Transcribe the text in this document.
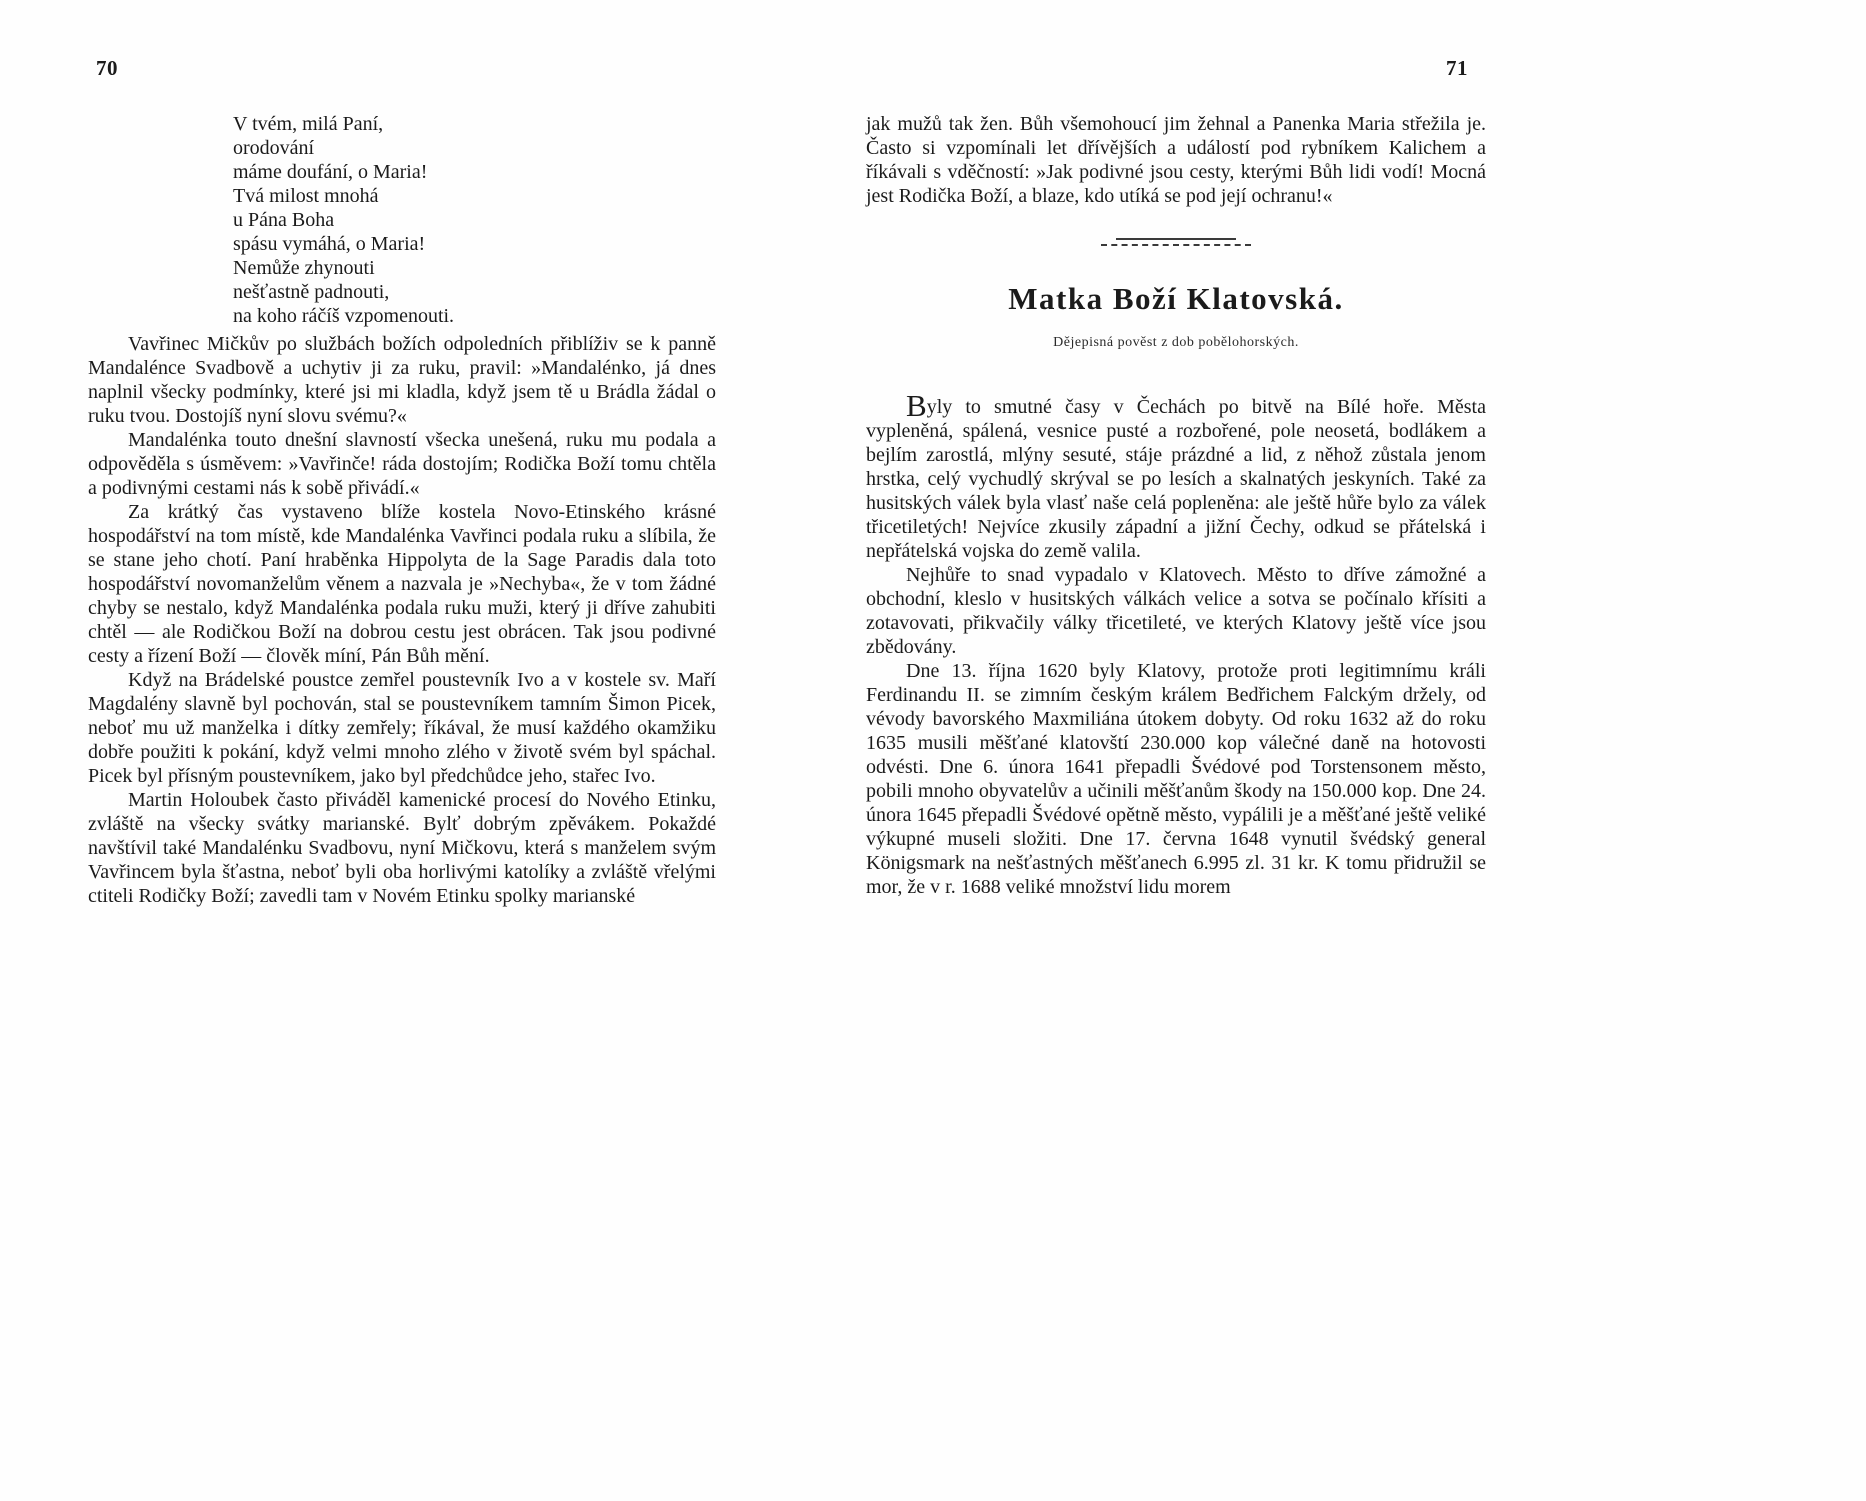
70
V tvém, milá Paní,
orodování
máme doufání, o Maria!
Tvá milost mnohá
u Pána Boha
spásu vymáhá, o Maria!
Nemůže zhynouti
nešťastně padnouti,
na koho ráčíš vzpomenouti.

Vavřinec Mičkův po službách božích odpoledních přiblíživ se k panně Mandalénce Svadbově a uchytiv ji za ruku, pravil: »Mandalénko, já dnes naplnil všecky podmínky, které jsi mi kladla, když jsem tě u Brádla žádal o ruku tvou. Dostojíš nyní slovu svému?«

Mandalénka touto dnešní slavností všecka unešená, ruku mu podala a odpověděla s úsměvem: »Vavřinče! ráda dostojím; Rodička Boží tomu chtěla a podivnými cestami nás k sobě přivádí.«

Za krátký čas vystaveno blíže kostela Novo-Etinského krásné hospodářství na tom místě, kde Mandalénka Vavřinci podala ruku a slíbila, že se stane jeho chotí. Paní hraběnka Hippolyta de la Sage Paradis dala toto hospodářství novomanželům věnem a nazvala je »Nechyba«, že v tom žádné chyby se nestalo, když Mandalénka podala ruku muži, který ji dříve zahubiti chtěl — ale Rodičkou Boží na dobrou cestu jest obrácen. Tak jsou podivné cesty a řízení Boží — člověk míní, Pán Bůh mění.

Když na Brádelské poustce zemřel poustevník Ivo a v kostele sv. Maří Magdalény slavně byl pochován, stal se poustevníkem tamním Šimon Picek, neboť mu už manželka i dítky zemřely; říkával, že musí každého okamžiku dobře použiti k pokání, když velmi mnoho zlého v životě svém byl spáchal. Picek byl přísným poustevníkem, jako byl předchůdce jeho, stařec Ivo.

Martin Holoubek často přiváděl kamenické procesí do Nového Etinku, zvláště na všecky svátky marianské. Bylť dobrým zpěvákem. Pokaždé navštívil také Mandalénku Svadbovu, nyní Mičkovu, která s manželem svým Vavřincem byla šťastna, neboť byli oba horlivými katolíky a zvláště vřelými ctiteli Rodičky Boží; zavedli tam v Novém Etinku spolky marianské

71

jak mužů tak žen. Bůh všemohoucí jim žehnal a Panenka Maria střežila je. Často si vzpomínali let dřívějších a událostí pod rybníkem Kalichem a říkávali s vděčností: »Jak podivné jsou cesty, kterými Bůh lidi vodí! Mocná jest Rodička Boží, a blaze, kdo utíká se pod její ochranu!«

Matka Boží Klatovská.
Dějepisná pověst z dob pobělohorských.

Byly to smutné časy v Čechách po bitvě na Bílé hoře. Města vypleněná, spálená, vesnice pusté a rozbořené, pole neosetá, bodlákem a bejlím zarostlá, mlýny sesuté, stáje prázdné a lid, z něhož zůstala jenom hrstka, celý vychudlý skrýval se po lesích a skalnatých jeskyních. Také za husitských válek byla vlasť naše celá popleněna: ale ještě hůře bylo za válek třicetiletých! Nejvíce zkusily západní a jižní Čechy, odkud se přátelská i nepřátelská vojska do země valila.

Nejhůře to snad vypadalo v Klatovech. Město to dříve zámožné a obchodní, kleslo v husitských válkách velice a sotva se počínalo křísiti a zotavovati, přikvačily války třicetileté, ve kterých Klatovy ještě více jsou zbědovány.

Dne 13. října 1620 byly Klatovy, protože proti legitimnímu králi Ferdinandu II. se zimním českým králem Bedřichem Falckým držely, od vévody bavorského Maxmiliána útokem dobyty. Od roku 1632 až do roku 1635 musili měšťané klatovští 230.000 kop válečné daně na hotovosti odvésti. Dne 6. února 1641 přepadli Švédové pod Torstensonem město, pobili mnoho obyvatelův a učinili měšťanům škody na 150.000 kop. Dne 24. února 1645 přepadli Švédové opětně město, vypálili je a měšťané ještě veliké výkupné museli složiti. Dne 17. června 1648 vynutil švédský general Königsmark na nešťastných měšťanech 6.995 zl. 31 kr. K tomu přidružil se mor, že v r. 1688 veliké množství lidu morem
